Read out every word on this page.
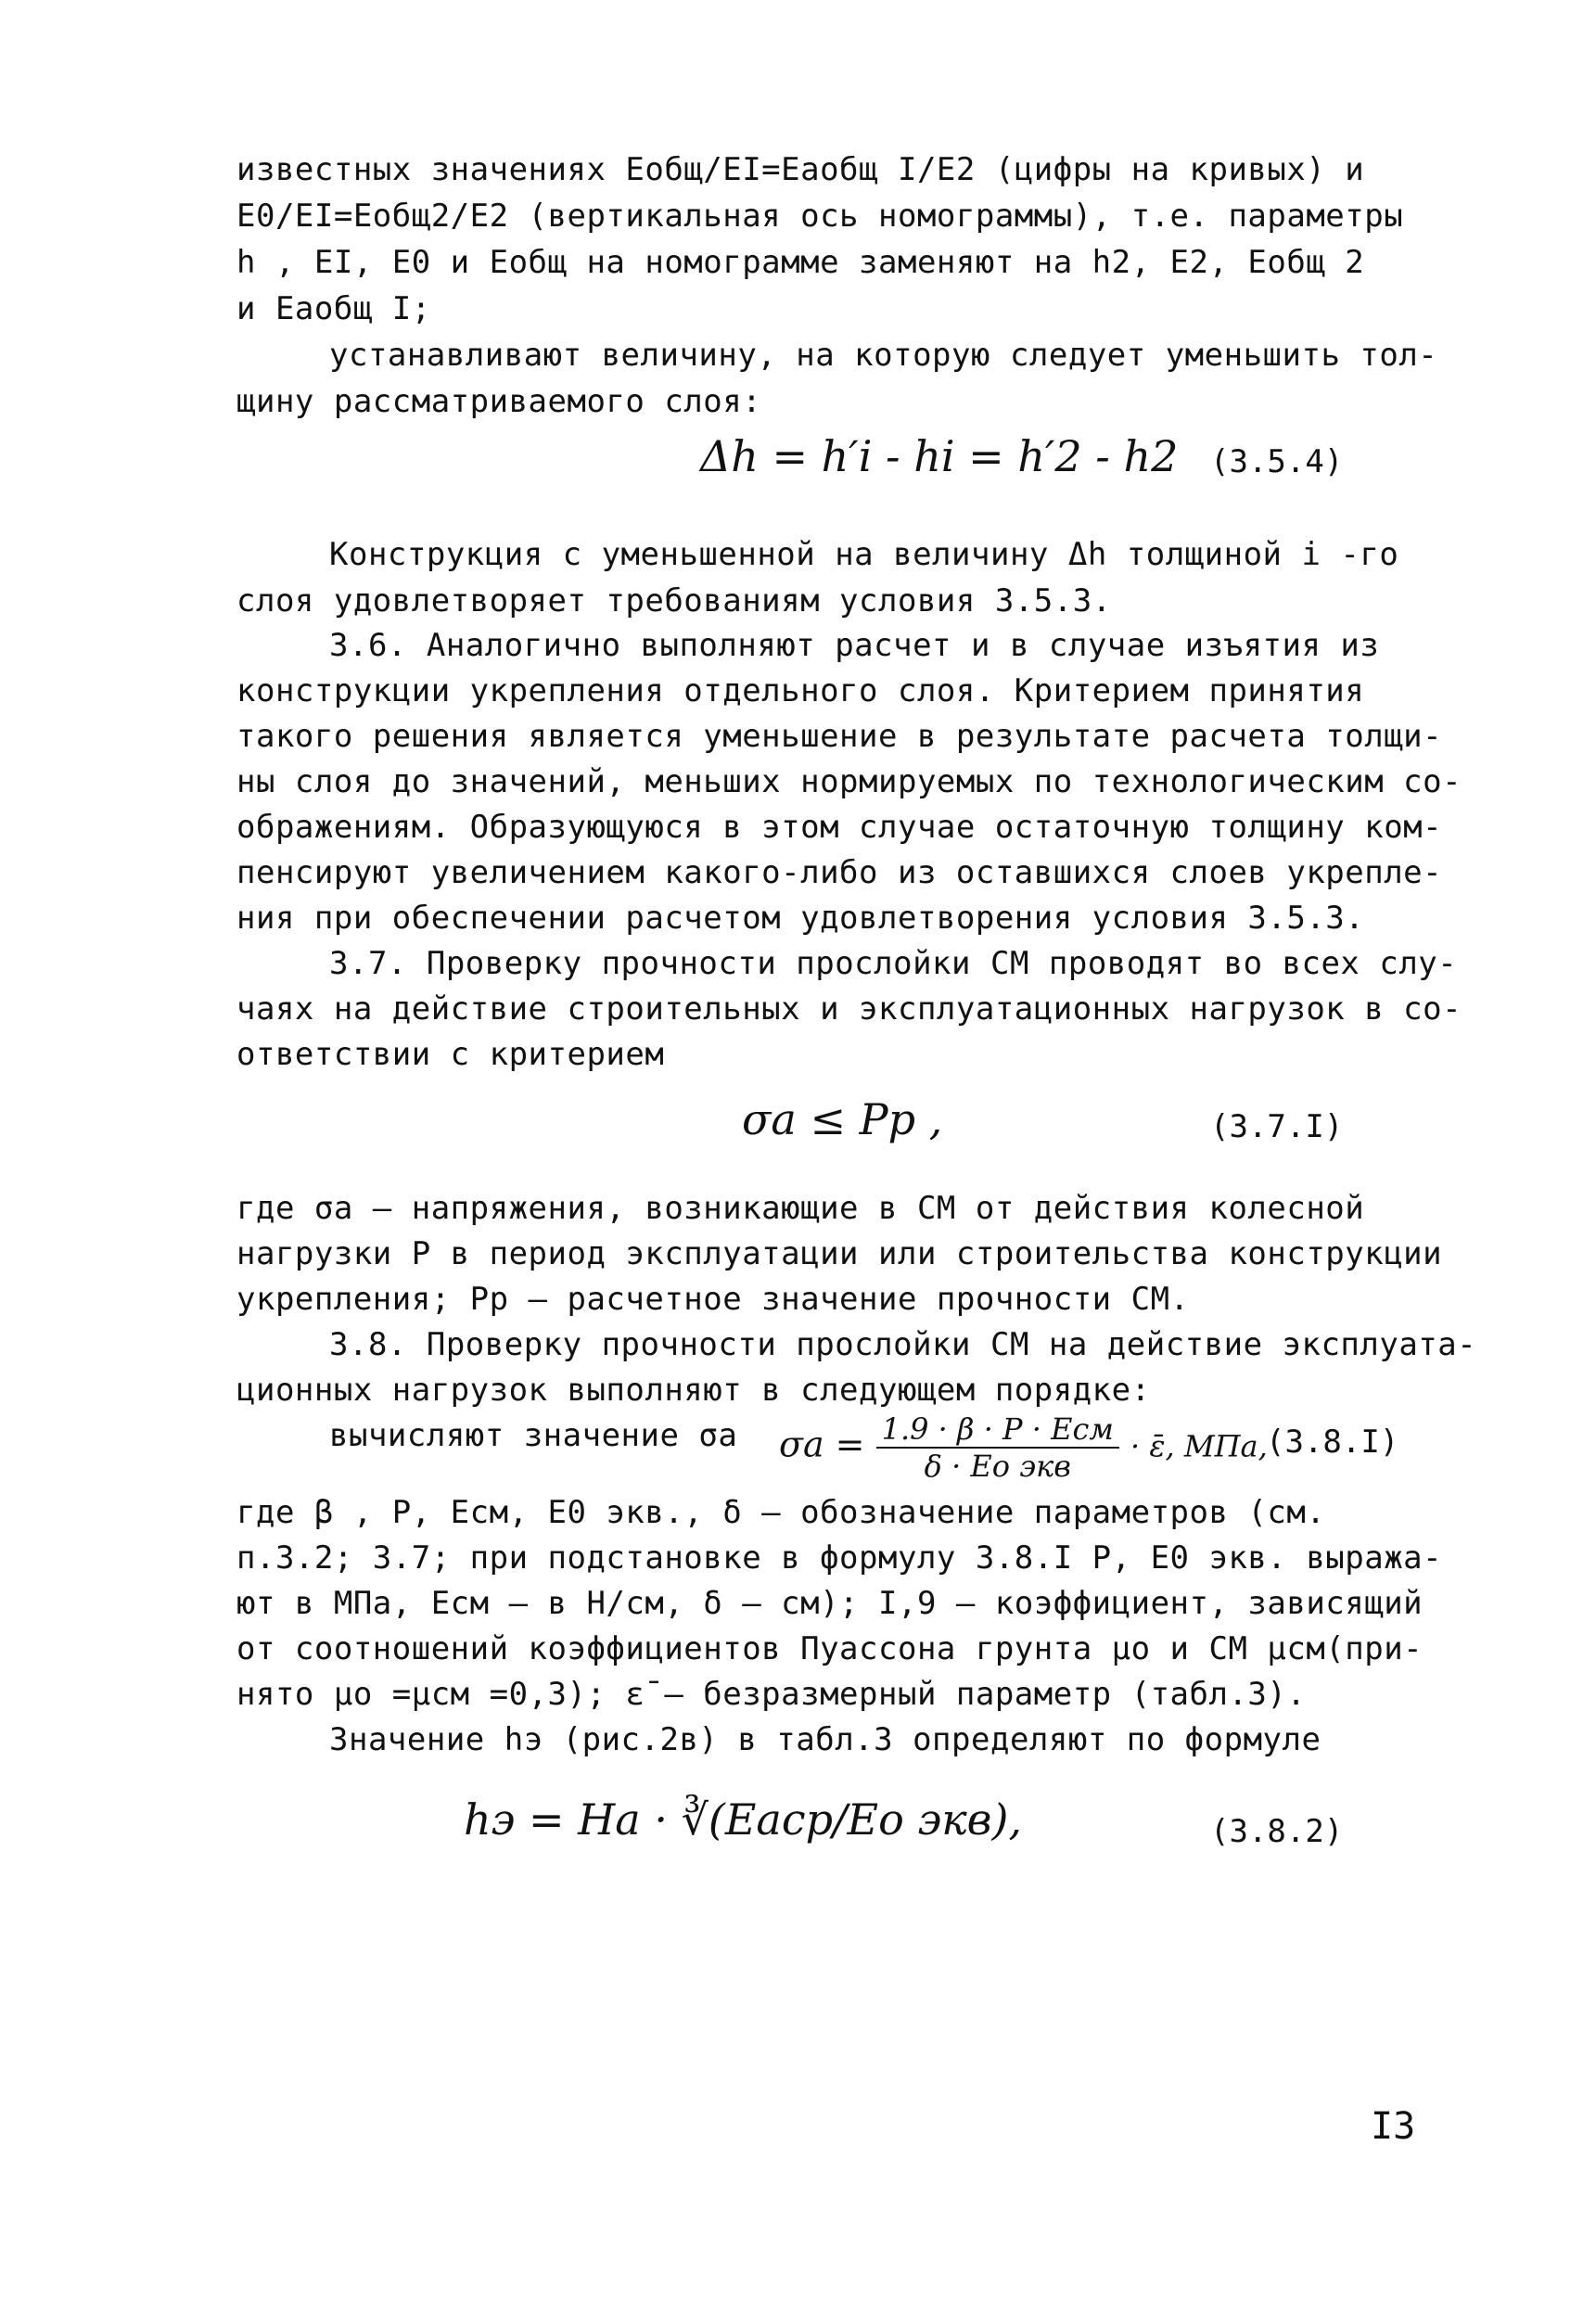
известных значениях Еобщ/ЕI=Еaобщ I/Е2 (цифры на кривых) и
Е0/ЕI=Еобщ2/Е2 (вертикальная ось номограммы), т.е. параметры
h , ЕI, Е0 и Еобщ на номограмме заменяют на h2, Е2, Еобщ 2
и Еaобщ I;
устанавливают величину, на которую следует уменьшить тол-
щину рассматриваемого слоя:
Δh = h′i - hi = h′2 - h2 (3.5.4)
Конструкция с уменьшенной на величину Δh толщиной i -го
слоя удовлетворяет требованиям условия 3.5.3.
3.6. Аналогично выполняют расчет и в случае изъятия из
конструкции укрепления отдельного слоя. Критерием принятия
такого решения является уменьшение в результате расчета толщи-
ны слоя до значений, меньших нормируемых по технологическим со-
ображениям. Образующуюся в этом случае остаточную толщину ком-
пенсируют увеличением какого-либо из оставшихся слоев укрепле-
ния при обеспечении расчетом удовлетворения условия 3.5.3.
3.7. Проверку прочности прослойки СМ проводят во всех слу-
чаях на действие строительных и эксплуатационных нагрузок в со-
ответствии с критерием
σa ≤ Pp ,	(3.7.I)
где σa – напряжения, возникающие в СМ от действия колесной
нагрузки Р в период эксплуатации или строительства конструкции
укрепления; Рр – расчетное значение прочности СМ.
3.8. Проверку прочности прослойки СМ на действие эксплуата-
ционных нагрузок выполняют в следующем порядке:
вычисляют значение σa $\sigma a = \frac{\text{1.9 · β · P · Eсм}}{\text{δ · Eо экв}}$ · ε̄, МПа,
(3.8.I)
где β , Р, Есм, Е0 экв., δ – обозначение параметров (см.
п.3.2; 3.7; при подстановке в формулу 3.8.I Р, Е0 экв. выража-
ют в МПа, Есм – в Н/см, δ – см); I,9 – коэффициент, зависящий
от соотношений коэффициентов Пуассона грунта μо и СМ μсм(при-
нято μо =μсм =0,3); ε̄ – безразмерный параметр (табл.3).
Значение hэ (рис.2в) в табл.3 определяют по формуле
hэ = Ha · ∛(Eaср/Eо экв),	(3.8.2)
I3
